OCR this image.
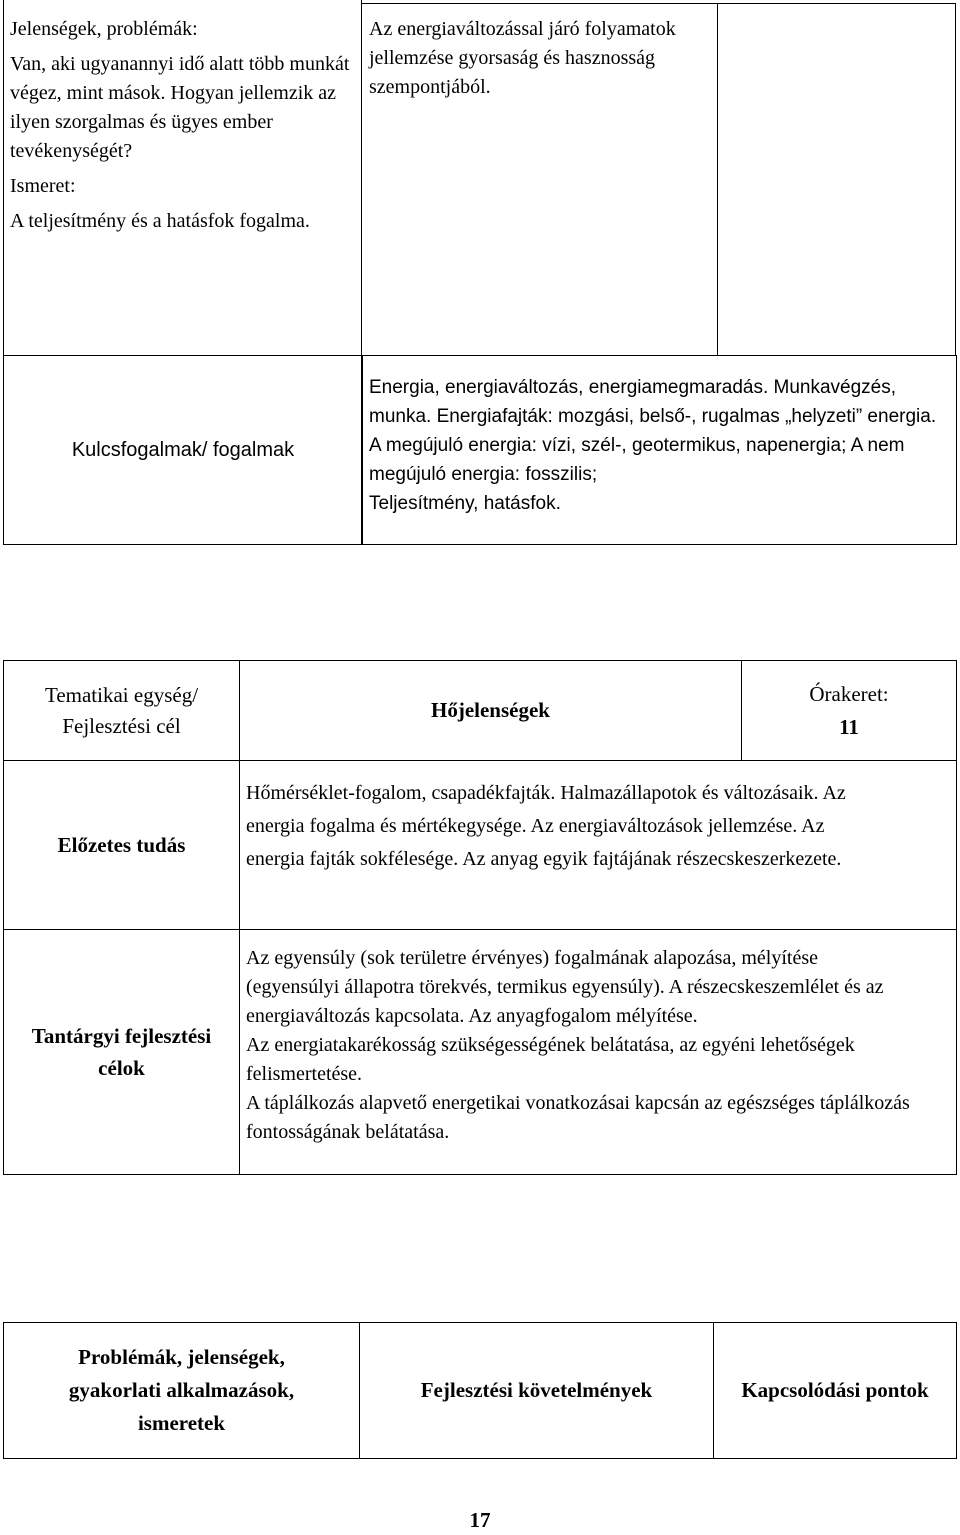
Jelenségek, problémák:

Van, aki ugyanannyi idő alatt több munkát végez, mint mások. Hogyan jellemzik az ilyen szorgalmas és ügyes ember tevékenységét?

Ismeret:

A teljesítmény és a hatásfok fogalma.

Az energiaváltozással járó folyamatok jellemzése gyorsaság és hasznosság szempontjából.

Kulcsfogalmak/ fogalmak

Energia, energiaváltozás, energiamegmaradás. Munkavégzés, munka. Energiafajták: mozgási, belső-, rugalmas „helyzeti” energia. A megújuló energia: vízi, szél-, geotermikus, napenergia; A nem megújuló energia: fosszilis;

Teljesítmény, hatásfok.

Tematikai egység/
Fejlesztési cél
Hőjelenségek
Órakeret:
11
Előzetes tudás

Hőmérséklet-fogalom, csapadékfajták. Halmazállapotok és változásaik. Az energia fogalma és mértékegysége. Az energiaváltozások jellemzése. Az energia fajták sokfélesége. Az anyag egyik fajtájának részecskeszerkezete.

Tantárgyi fejlesztési célok

Az egyensúly (sok területre érvényes) fogalmának alapozása, mélyítése (egyensúlyi állapotra törekvés, termikus egyensúly). A részecskeszemlélet és az energiaváltozás kapcsolata. Az anyagfogalom mélyítése.

Az energiatakarékosság szükségességének belátatása, az egyéni lehetőségek felismertetése.

A táplálkozás alapvető energetikai vonatkozásai kapcsán az egészséges táplálkozás fontosságának belátatása.

Problémák, jelenségek, gyakorlati alkalmazások, ismeretek
Fejlesztési követelmények	Kapcsolódási pontok
17
